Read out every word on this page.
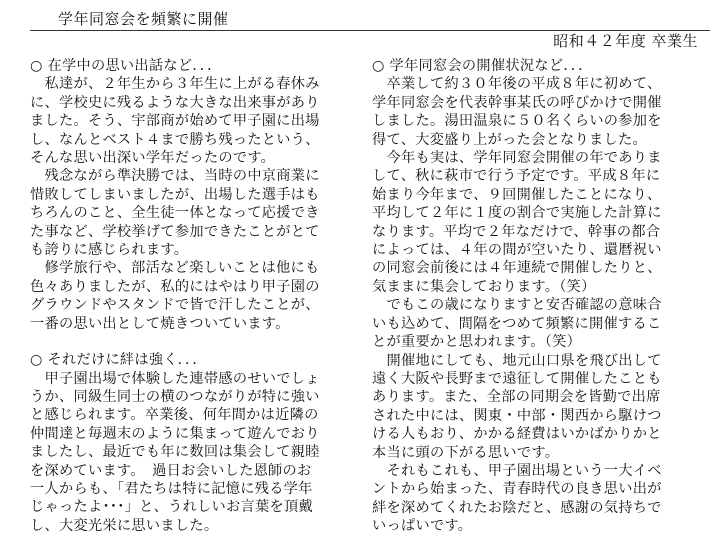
学年同窓会を頻繁に開催
昭和４２年度 卒業生
○ 在学中の思い出話など．．．
　私達が、２年生から３年生に上がる春休み
に、学校史に残るような大きな出来事があり
ました。そう、宇部商が始めて甲子園に出場
し、なんとベスト４まで勝ち残ったという、
そんな思い出深い学年だったのです。
　残念ながら準決勝では、当時の中京商業に
惜敗してしまいましたが、出場した選手はも
ちろんのこと、全生徒一体となって応援でき
た事など、学校挙げて参加できたことがとて
も誇りに感じられます。
　修学旅行や、部活など楽しいことは他にも
色々ありましたが、私的にはやはり甲子園の
グラウンドやスタンドで皆で汗したことが、
一番の思い出として焼きついています。
○ それだけに絆は強く．．．
　甲子園出場で体験した連帯感のせいでしょ
うか、同級生同士の横のつながりが特に強い
と感じられます。卒業後、何年間かは近隣の
仲間達と毎週末のように集まって遊んでおり
ましたし、最近でも年に数回は集会して親睦
を深めています。　過日お会いした恩師のお
一人からも、「君たちは特に記憶に残る学年
じゃったよ･･･」と、うれしいお言葉を頂戴
し、大変光栄に思いました。
○ 学年同窓会の開催状況など．．．
　卒業して約３０年後の平成８年に初めて、
学年同窓会を代表幹事某氏の呼びかけで開催
しました。湯田温泉に５０名くらいの参加を
得て、大変盛り上がった会となりました。
　今年も実は、学年同窓会開催の年でありま
して、秋に萩市で行う予定です。平成８年に
始まり今年まで、９回開催したことになり、
平均して２年に１度の割合で実施した計算に
なります。平均で２年なだけで、幹事の都合
によっては、４年の間が空いたり、還暦祝い
の同窓会前後には４年連続で開催したりと、
気ままに集会しております。（笑）
　でもこの歳になりますと安否確認の意味合
いも込めて、間隔をつめて頻繁に開催するこ
とが重要かと思われます。（笑）
　開催地にしても、地元山口県を飛び出して
遠く大阪や長野まで遠征して開催したことも
あります。また、全部の同期会を皆勤で出席
された中には、関東・中部・関西から駆けつ
ける人もおり、かかる経費はいかばかりかと
本当に頭の下がる思いです。
　それもこれも、甲子園出場という一大イベ
ントから始まった、青春時代の良き思い出が
絆を深めてくれたお陰だと、感謝の気持ちで
いっぱいです。
